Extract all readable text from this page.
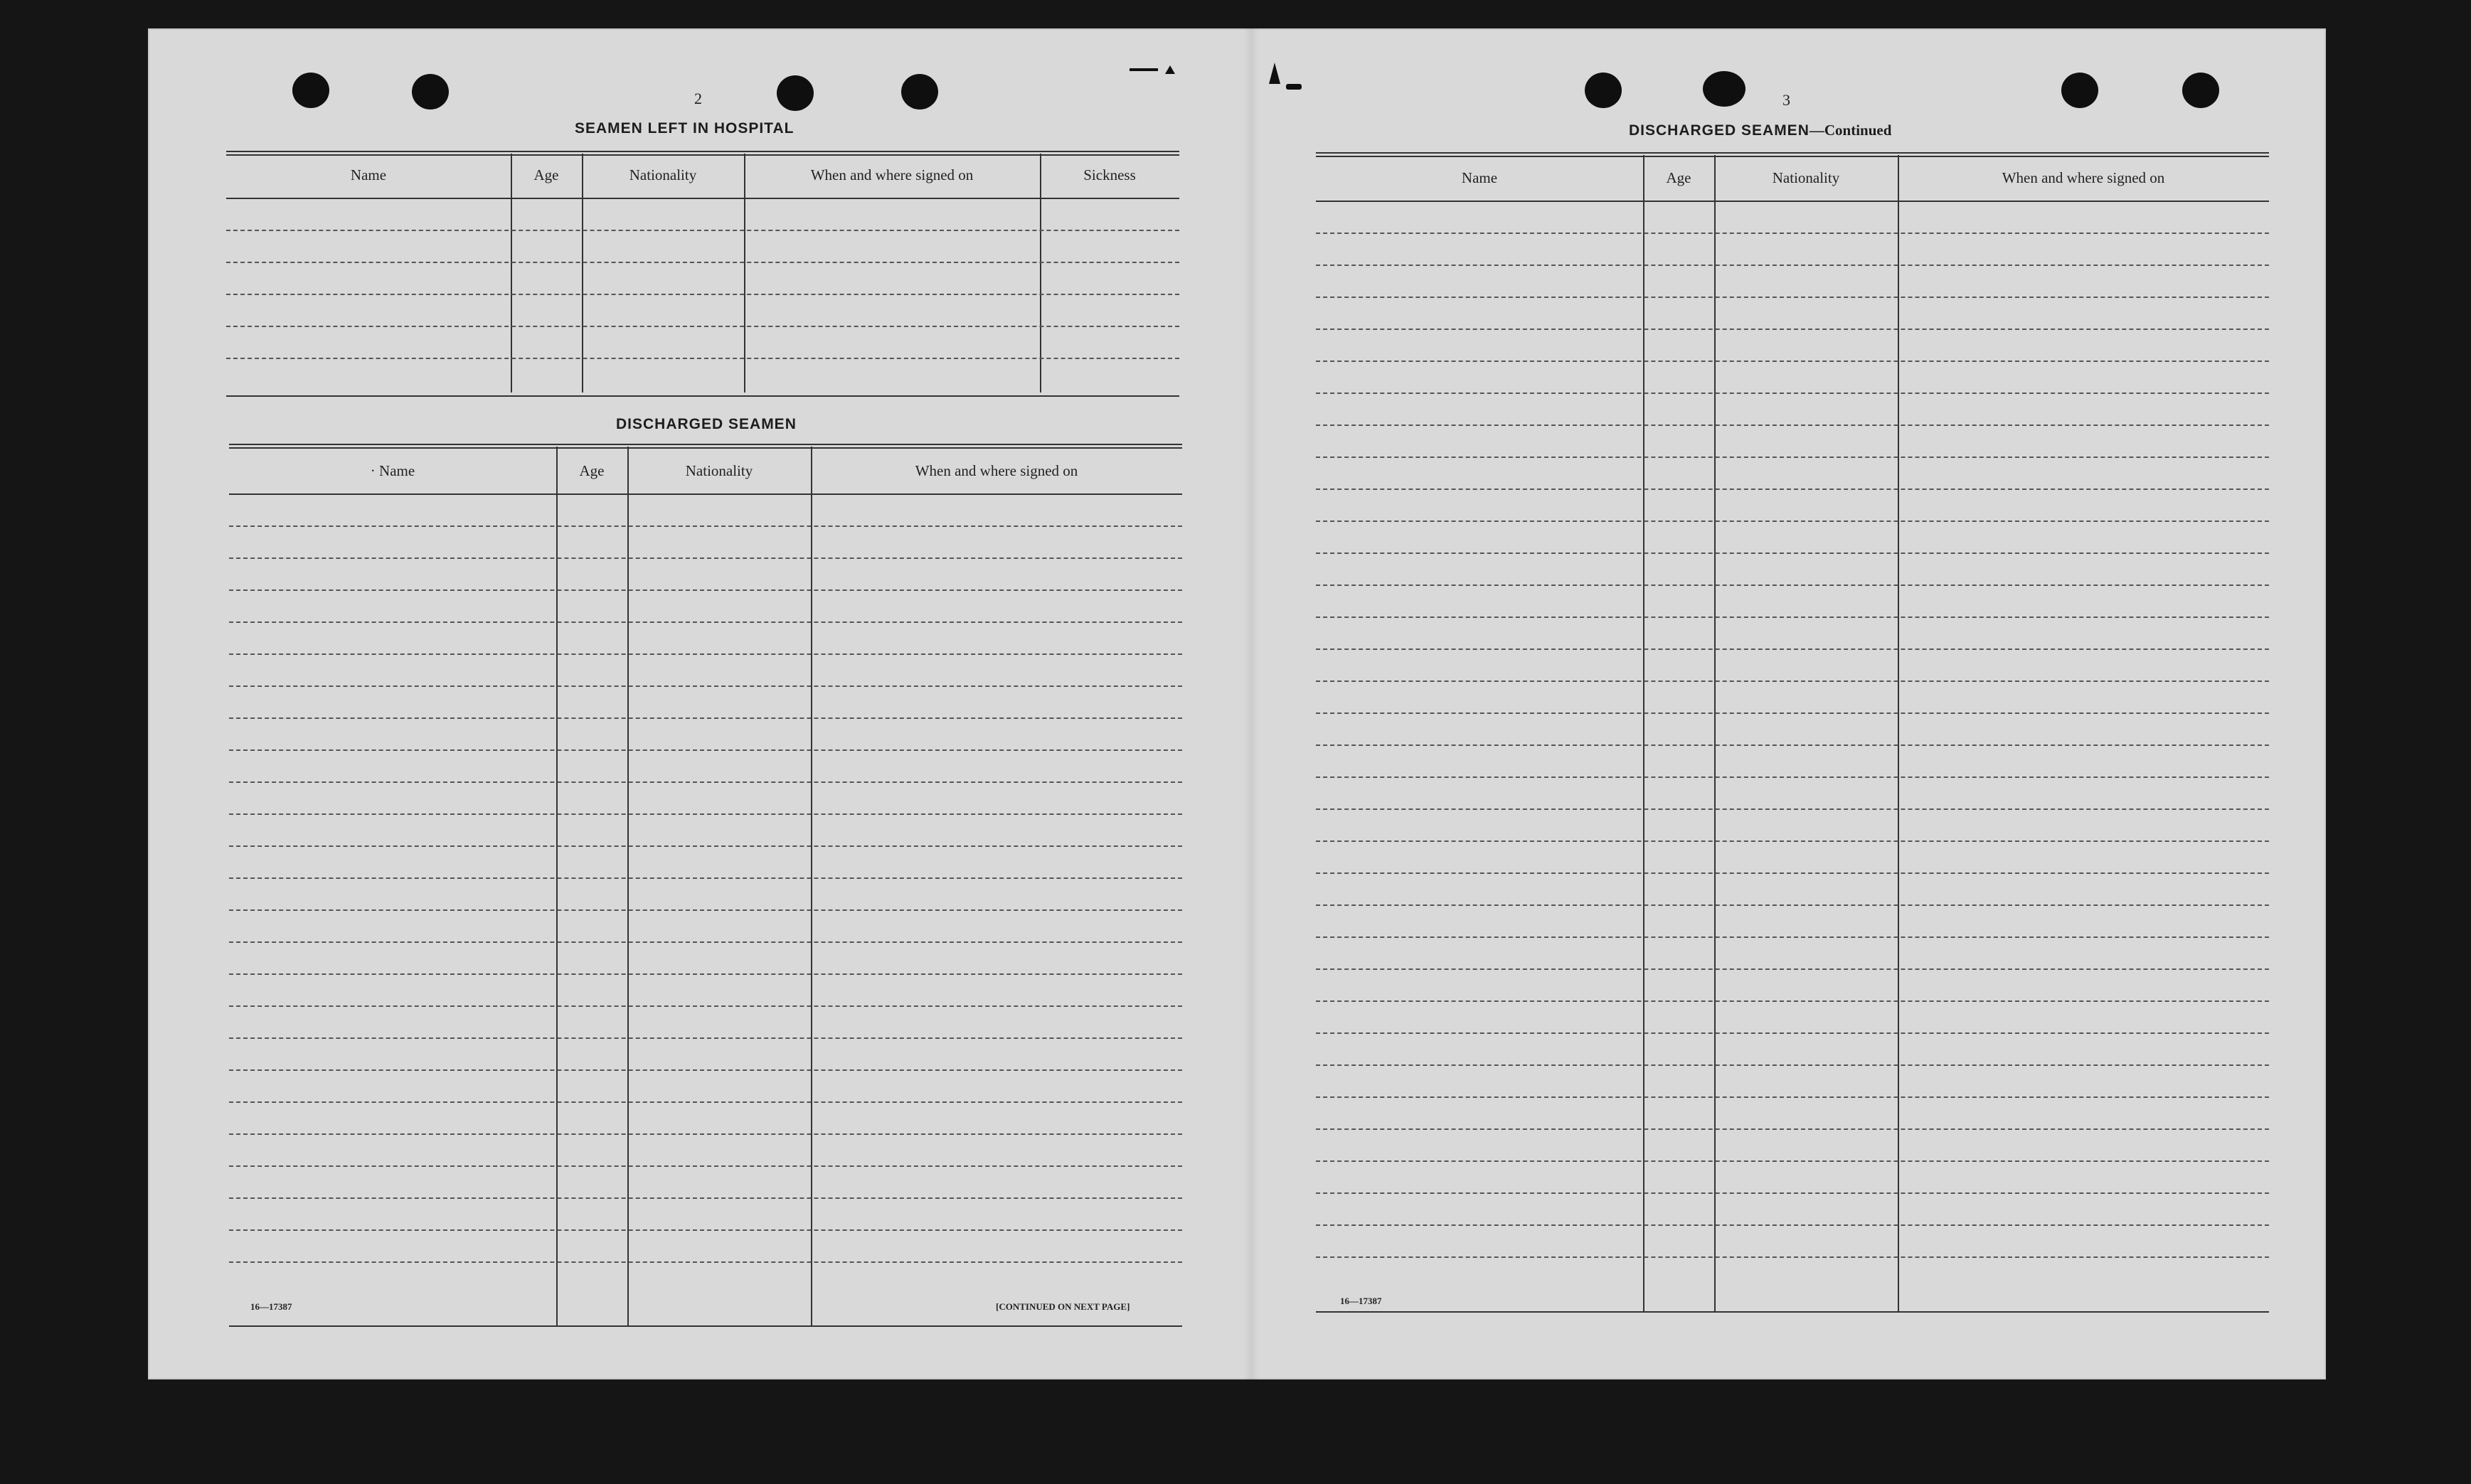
2
SEAMEN LEFT IN HOSPITAL
Name	Age	Nationality	When and where signed on	Sickness
DISCHARGED SEAMEN
· Name	Age	Nationality	When and where signed on
16—17387	[CONTINUED ON NEXT PAGE]
3
DISCHARGED SEAMEN—Continued
Name	Age	Nationality	When and where signed on
16—17387
